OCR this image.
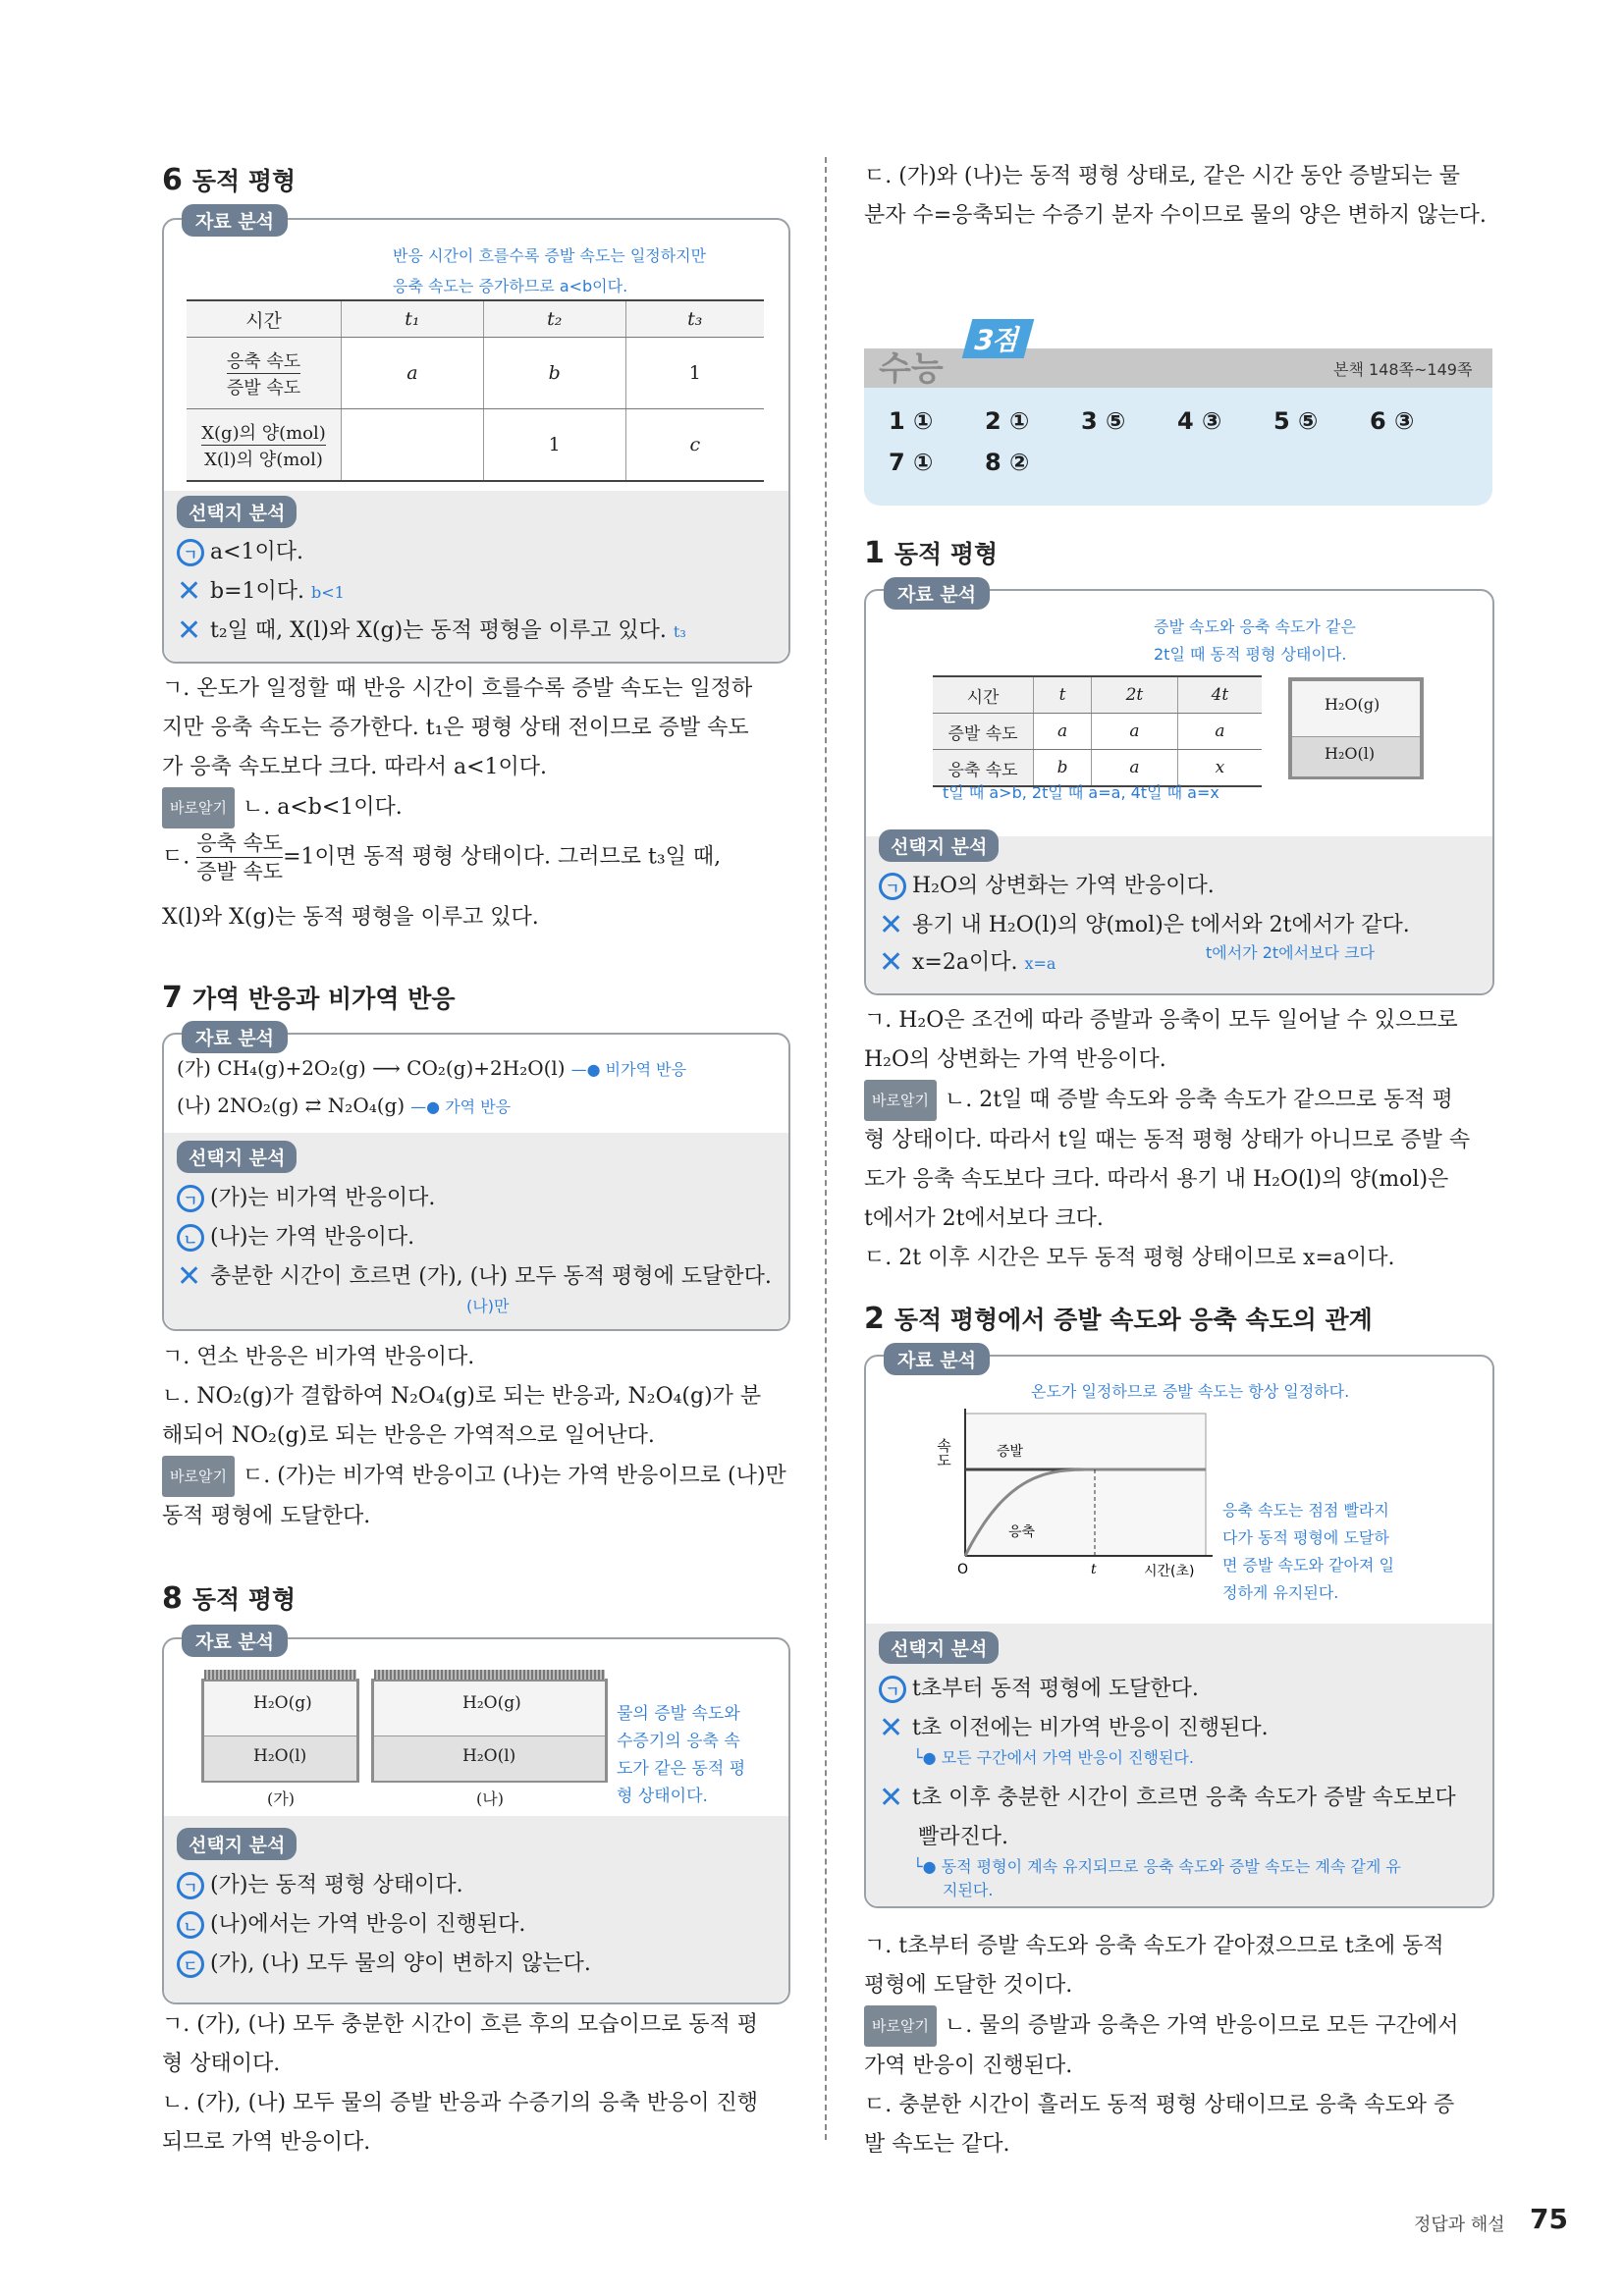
6 동적 평형
자료 분석
반응 시간이 흐를수록 증발 속도는 일정하지만
응축 속도는 증가하므로 a<b이다.
시간	t₁	t₂	t₃
응축 속도
증발 속도	a	b	1
X(g)의 양(mol)
X(l)의 양(mol)		1	c
선택지 분석
ㄱ a<1이다.
✕ b=1이다. b<1
✕ t₂일 때, X(l)와 X(g)는 동적 평형을 이루고 있다. t₃
ㄱ. 온도가 일정할 때 반응 시간이 흐를수록 증발 속도는 일정하
지만 응축 속도는 증가한다. t₁은 평형 상태 전이므로 증발 속도
가 응축 속도보다 크다. 따라서 a<1이다.
바로알기 ㄴ. a<b<1이다.
ㄷ.
응축 속도
증발 속도
=1이면 동적 평형 상태이다. 그러므로 t₃일 때,
X(l)와 X(g)는 동적 평형을 이루고 있다.
7 가역 반응과 비가역 반응
자료 분석
(가) CH₄(g)+2O₂(g) ⟶ CO₂(g)+2H₂O(l) —● 비가역 반응
(나) 2NO₂(g) ⇄ N₂O₄(g) —● 가역 반응
선택지 분석
ㄱ (가)는 비가역 반응이다.
ㄴ (나)는 가역 반응이다.
✕ 충분한 시간이 흐르면 (가), (나) 모두 동적 평형에 도달한다.
(나)만
ㄱ. 연소 반응은 비가역 반응이다.
ㄴ. NO₂(g)가 결합하여 N₂O₄(g)로 되는 반응과, N₂O₄(g)가 분
해되어 NO₂(g)로 되는 반응은 가역적으로 일어난다.
바로알기 ㄷ. (가)는 비가역 반응이고 (나)는 가역 반응이므로 (나)만
동적 평형에 도달한다.
8 동적 평형
자료 분석
H₂O(g)
H₂O(l)
(가)
H₂O(g)
H₂O(l)
(나)
물의 증발 속도와
수증기의 응축 속
도가 같은 동적 평
형 상태이다.
선택지 분석
ㄱ (가)는 동적 평형 상태이다.
ㄴ (나)에서는 가역 반응이 진행된다.
ㄷ (가), (나) 모두 물의 양이 변하지 않는다.
ㄱ. (가), (나) 모두 충분한 시간이 흐른 후의 모습이므로 동적 평
형 상태이다.
ㄴ. (가), (나) 모두 물의 증발 반응과 수증기의 응축 반응이 진행
되므로 가역 반응이다.
ㄷ. (가)와 (나)는 동적 평형 상태로, 같은 시간 동안 증발되는 물
분자 수=응축되는 수증기 분자 수이므로 물의 양은 변하지 않는다.
수능
3점
본책 148쪽~149쪽
1 ① 2 ① 3 ⑤ 4 ③ 5 ⑤ 6 ③
7 ① 8 ②
1 동적 평형
자료 분석
증발 속도와 응축 속도가 같은
2t일 때 동적 평형 상태이다.
시간	t	2t	4t
증발 속도	a	a	a
응축 속도	b	a	x
H₂O(g)
H₂O(l)
t일 때 a>b, 2t일 때 a=a, 4t일 때 a=x
선택지 분석
ㄱ H₂O의 상변화는 가역 반응이다.
✕ 용기 내 H₂O(l)의 양(mol)은 t에서와 2t에서가 같다.
t에서가 2t에서보다 크다
✕ x=2a이다. x=a
ㄱ. H₂O은 조건에 따라 증발과 응축이 모두 일어날 수 있으므로
H₂O의 상변화는 가역 반응이다.
바로알기 ㄴ. 2t일 때 증발 속도와 응축 속도가 같으므로 동적 평
형 상태이다. 따라서 t일 때는 동적 평형 상태가 아니므로 증발 속
도가 응축 속도보다 크다. 따라서 용기 내 H₂O(l)의 양(mol)은
t에서가 2t에서보다 크다.
ㄷ. 2t 이후 시간은 모두 동적 평형 상태이므로 x=a이다.
2 동적 평형에서 증발 속도와 응축 속도의 관계
자료 분석
온도가 일정하므로 증발 속도는 항상 일정하다.
속도	증발
응축
O	t	시간(초)
응축 속도는 점점 빨라지
다가 동적 평형에 도달하
면 증발 속도와 같아져 일
정하게 유지된다.
선택지 분석
ㄱ t초부터 동적 평형에 도달한다.
✕ t초 이전에는 비가역 반응이 진행된다.
└● 모든 구간에서 가역 반응이 진행된다.
✕ t초 이후 충분한 시간이 흐르면 응축 속도가 증발 속도보다
빨라진다.
└● 동적 평형이 계속 유지되므로 응축 속도와 증발 속도는 계속 같게 유
지된다.
ㄱ. t초부터 증발 속도와 응축 속도가 같아졌으므로 t초에 동적
평형에 도달한 것이다.
바로알기 ㄴ. 물의 증발과 응축은 가역 반응이므로 모든 구간에서
가역 반응이 진행된다.
ㄷ. 충분한 시간이 흘러도 동적 평형 상태이므로 응축 속도와 증
발 속도는 같다.
정답과 해설 75
